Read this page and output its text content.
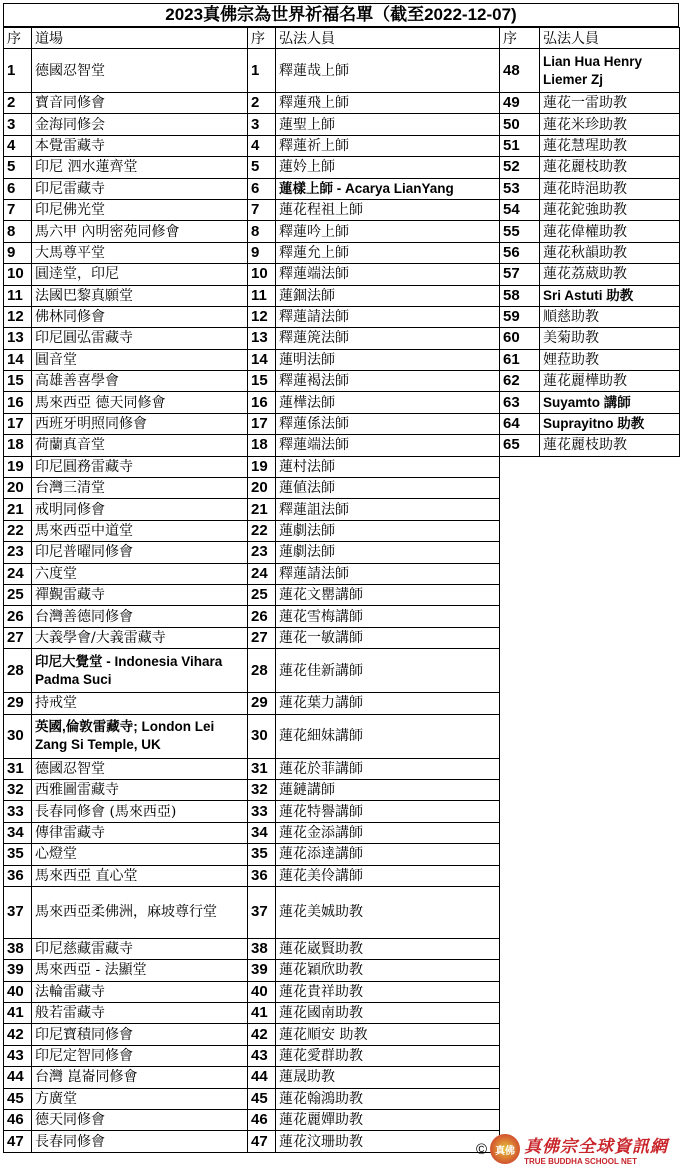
2023真佛宗為世界祈福名單（截至2022-12-07)
序	道場	序	弘法人員	序	弘法人員
1	德國忍智堂	1	釋蓮哉上師	48	Lian Hua Henry Liemer Zj
2	寶音同修會	2	釋蓮飛上師	49	蓮花一雷助教
3	金海同修会	3	蓮聖上師	50	蓮花米珍助教
4	本覺雷藏寺	4	釋蓮祈上師	51	蓮花慧瑆助教
5	印尼 泗水蓮齊堂	5	蓮妗上師	52	蓮花麗枝助教
6	印尼雷藏寺	6	蓮樣上師 - Acarya LianYang	53	蓮花時浥助教
7	印尼佛光堂	7	蓮花程祖上師	54	蓮花鉈強助教
8	馬六甲 內明密苑同修會	8	釋蓮吟上師	55	蓮花偉權助教
9	大馬尊平堂	9	釋蓮允上師	56	蓮花秋韻助教
10	圓逹堂，印尼	10	釋蓮端法師	57	蓮花荔葳助教
11	法國巴黎真願堂	11	蓮錮法師	58	Sri Astuti 助教
12	佛林同修會	12	釋蓮請法師	59	順慈助教
13	印尼圓弘雷藏寺	13	釋蓮箎法師	60	美菊助教
14	圓音堂	14	蓮明法師	61	娌菈助教
15	高雄善喜學會	15	釋蓮褐法師	62	蓮花麗樺助教
16	馬來西亞 德天同修會	16	蓮樺法師	63	Suyamto 講師
17	西班牙明照同修會	17	釋蓮係法師	64	Suprayitno 助教
18	荷蘭真音堂	18	釋蓮端法師	65	蓮花麗枝助教
19	印尼圓務雷藏寺	19	蓮村法師		
20	台灣三清堂	20	蓮値法師		
21	戒明同修會	21	釋蓮詛法師		
22	馬來西亞中道堂	22	蓮劇法師		
23	印尼普曜同修會	23	蓮劇法師		
24	六度堂	24	釋蓮請法師		
25	禪覲雷藏寺	25	蓮花文罌講師		
26	台灣善德同修會	26	蓮花雪梅講師		
27	大義學會/大義雷藏寺	27	蓮花一敏講師		
28	印尼大覺堂 - Indonesia Vihara Padma Suci	28	蓮花佳新講師		
29	持戒堂	29	蓮花葉力講師		
30	英國,倫敦雷藏寺; London Lei Zang Si Temple, UK	30	蓮花細妹講師		
31	德國忍智堂	31	蓮花於菲講師		
32	西雅圖雷藏寺	32	蓮鏈講師		
33	長春同修會 (馬來西亞)	33	蓮花特譽講師		
34	傳律雷藏寺	34	蓮花金添講師		
35	心燈堂	35	蓮花添達講師		
36	馬來西亞 直心堂	36	蓮花美伶講師		
37	馬來西亞柔佛洲，麻坡尊行堂	37	蓮花美娍助教		
38	印尼慈藏雷藏寺	38	蓮花崴賢助教		
39	馬來西亞 - 法顯堂	39	蓮花穎欣助教		
40	法輪雷藏寺	40	蓮花貴祥助教		
41	般若雷藏寺	41	蓮花國南助教		
42	印尼寶積同修會	42	蓮花順安 助教		
43	印尼定智同修會	43	蓮花愛群助教		
44	台灣 崑崙同修會	44	蓮晟助教		
45	方廣堂	45	蓮花翰鴻助教		
46	德天同修會	46	蓮花麗嬋助教		
47	長春同修會	47	蓮花汶珊助教			© 真佛 真佛宗全球資訊網
TRUE BUDDHA SCHOOL NET
